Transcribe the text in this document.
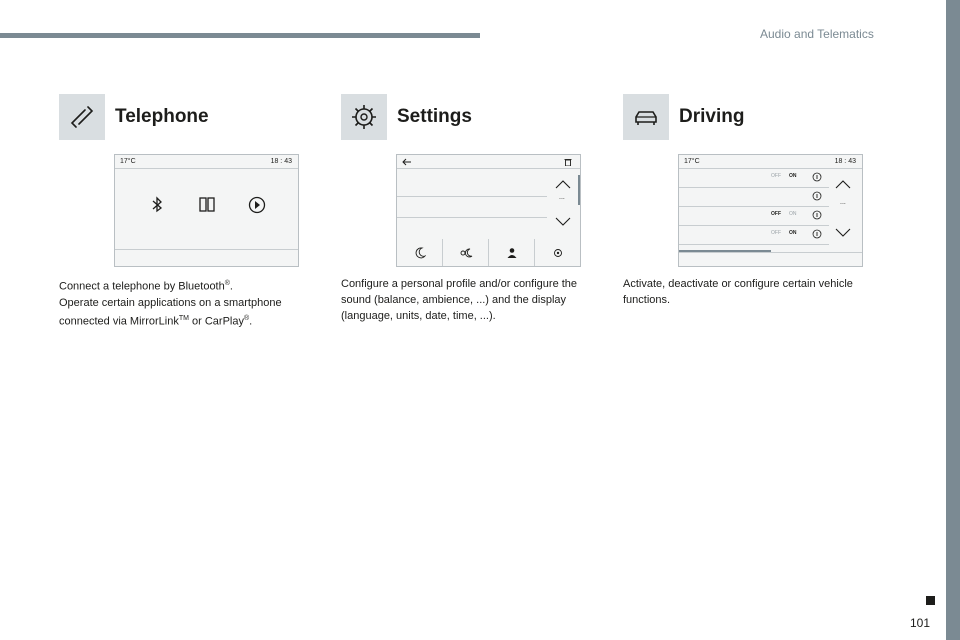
Audio and Telematics
Telephone
17°C	18 : 43
Connect a telephone by Bluetooth®.
Operate certain applications on a smartphone
connected via MirrorLink™ or CarPlay®.
Settings
...
Configure a personal profile and/or configure the sound (balance, ambience, ...) and the display (language, units, date, time, ...).
Driving
17°C	18 : 43
OFF ON
OFF ON
OFF ON
...
Activate, deactivate or configure certain vehicle functions.
101
